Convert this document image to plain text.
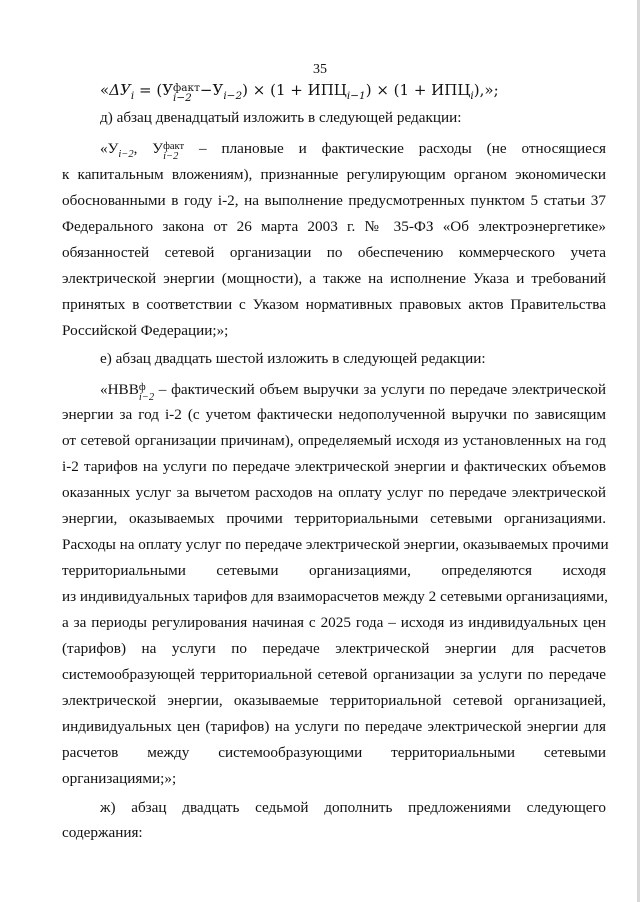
35
«$\Delta У_i = (У$ факт
$i-2 -У_{i-2}) \times (1 + ИПЦ_{i-1}) \times (1 + ИПЦ_i)$,»;
д) абзац двенадцатый изложить в следующей редакции:
«$У_{i-2}$, У факт
i−2	– плановые и фактические расходы (не относящиеся
к капитальным вложениям), признанные регулирующим органом экономически
обоснованными в году i-2, на выполнение предусмотренных пунктом 5 статьи 37
Федерального закона от 26 марта 2003 г. № 35-ФЗ «Об электроэнергетике»
обязанностей сетевой организации по обеспечению коммерческого учета
электрической энергии (мощности), а также на исполнение Указа и требований
принятых в соответствии с Указом нормативных правовых актов Правительства
Российской Федерации;»;
е) абзац двадцать шестой изложить в следующей редакции:
«НВВ ф
i−2 – фактический объем выручки за услуги по передаче электрической
энергии за год i-2 (с учетом фактически недополученной выручки по зависящим
от сетевой организации причинам), определяемый исходя из установленных на год
i-2 тарифов на услуги по передаче электрической энергии и фактических объемов
оказанных услуг за вычетом расходов на оплату услуг по передаче электрической
энергии, оказываемых прочими территориальными сетевыми организациями.
Расходы на оплату услуг по передаче электрической энергии, оказываемых прочими
территориальными сетевыми организациями, определяются исходя
из индивидуальных тарифов для взаиморасчетов между 2 сетевыми организациями,
а за периоды регулирования начиная с 2025 года – исходя из индивидуальных цен
(тарифов) на услуги по передаче электрической энергии для расчетов
системообразующей территориальной сетевой организации за услуги по передаче
электрической энергии, оказываемые территориальной сетевой организацией,
индивидуальных цен (тарифов) на услуги по передаче электрической энергии для
расчетов между системообразующими территориальными сетевыми
организациями;»;
ж) абзац двадцать седьмой дополнить предложениями следующего
содержания:
